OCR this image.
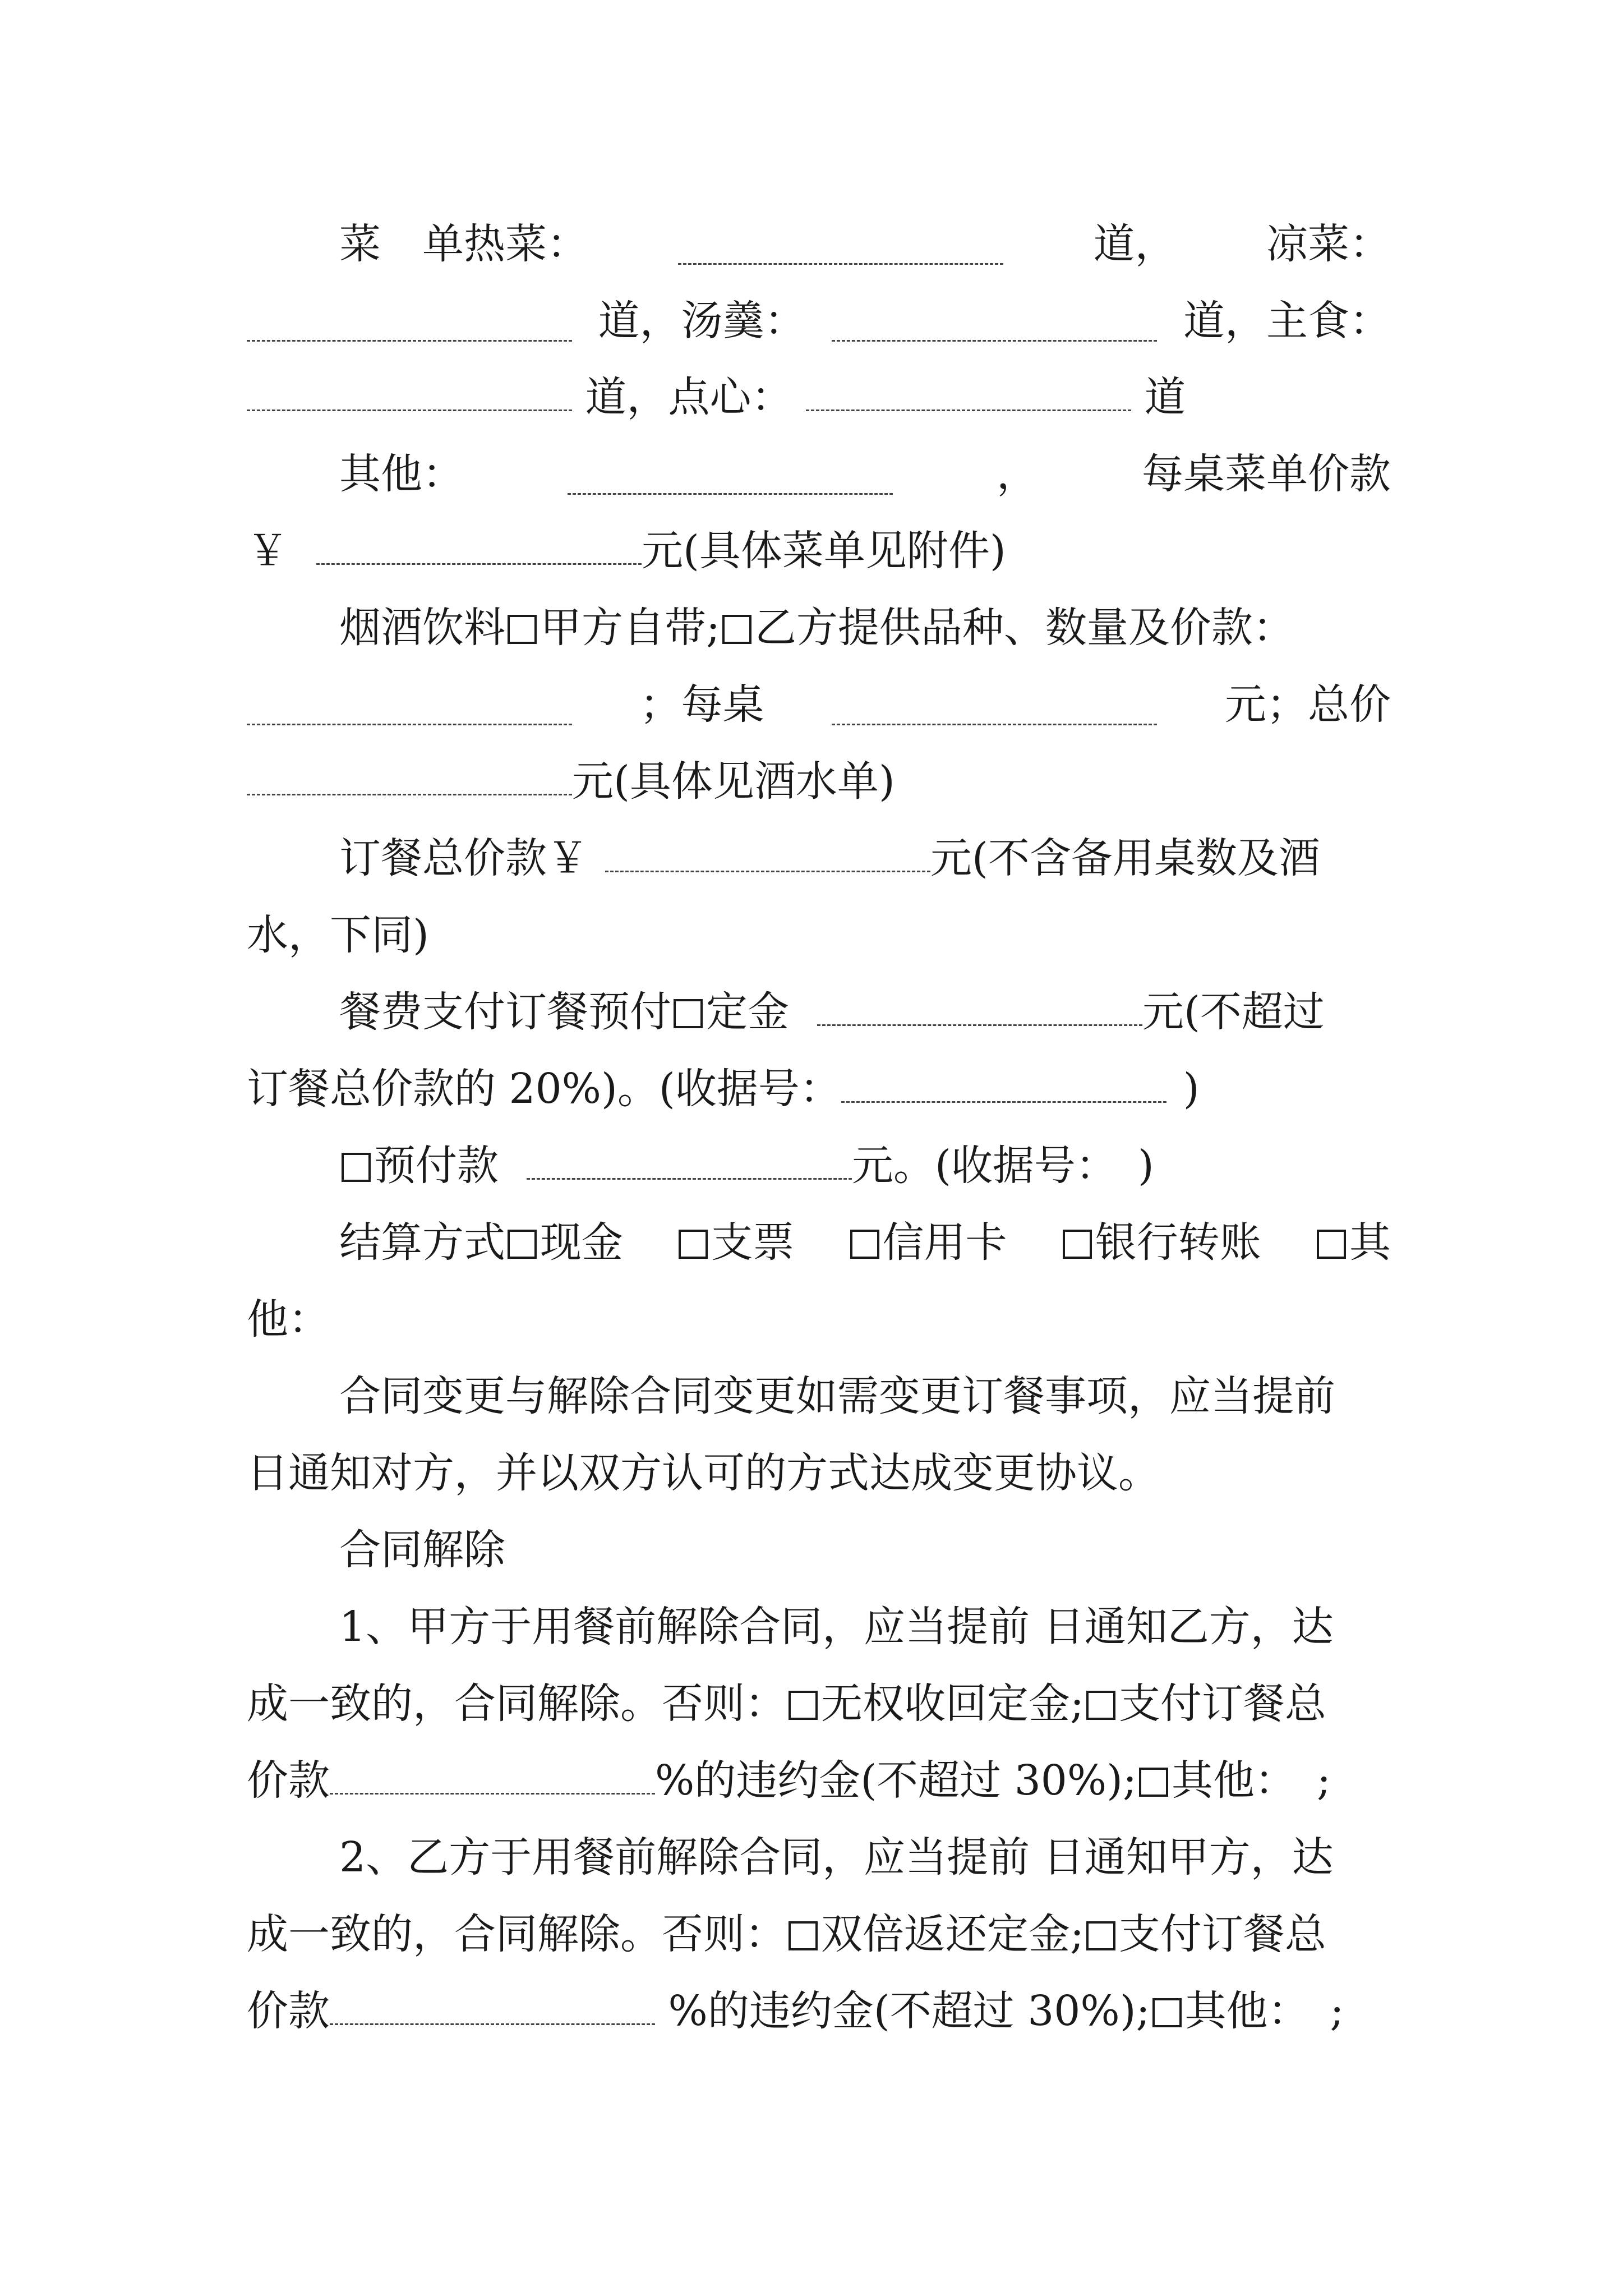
菜　单热菜：	道， 凉菜：
道，汤羹：	道，主食：
道，点心：	道
其他：	，	每桌菜单价款
￥	元(具体菜单见附件)
烟酒饮料 甲方自带; 乙方提供品种、数量及价款：
；每桌	元；总价
元(具体见酒水单)
订餐总价款￥	元(不含备用桌数及酒
水，下同)
餐费支付订餐预付 定金	元(不超过
订餐总价款的 20%)。(收据号：	)
预付款	元。(收据号：　)
结算方式 现金	支票	信用卡	银行转账	其
他：
合同变更与解除合同变更如需变更订餐事项，应当提前
日通知对方，并以双方认可的方式达成变更协议。
合同解除
1、甲方于用餐前解除合同，应当提前 日通知乙方，达
成一致的，合同解除。否则： 无权收回定金; 支付订餐总
价款	%的违约金(不超过 30%); 其他：　;
2、乙方于用餐前解除合同，应当提前 日通知甲方，达
成一致的，合同解除。否则： 双倍返还定金; 支付订餐总
价款	%的违约金(不超过 30%); 其他：　;
